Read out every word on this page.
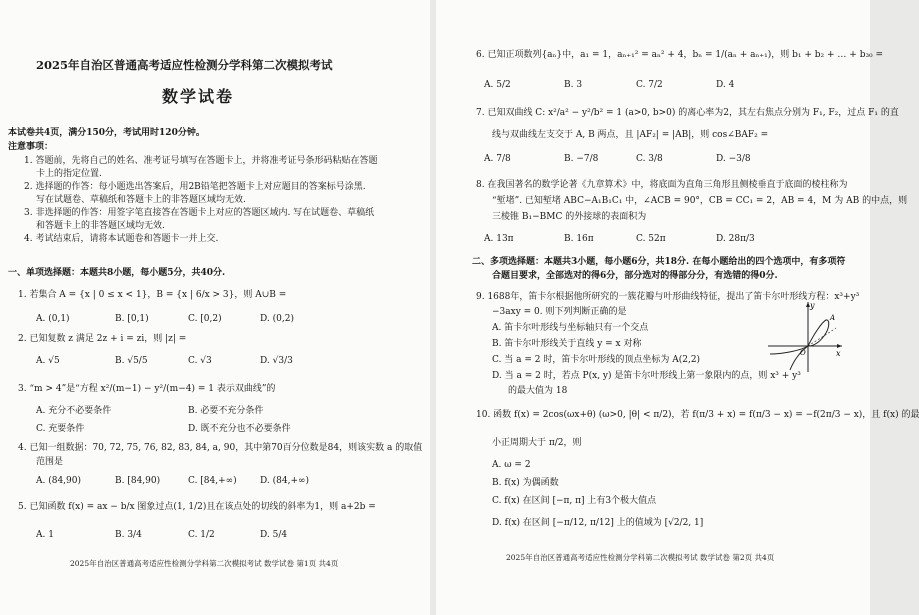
2025年自治区普通高考适应性检测分学科第二次模拟考试
数学试卷
本试卷共4页，满分150分，考试用时120分钟。
注意事项：
1. 答题前，先将自己的姓名、准考证号填写在答题卡上，并将准考证号条形码粘贴在答题
卡上的指定位置.
2. 选择题的作答：每小题选出答案后，用2B铅笔把答题卡上对应题目的答案标号涂黑.
写在试题卷、草稿纸和答题卡上的非答题区域均无效.
3. 非选择题的作答：用签字笔直接答在答题卡上对应的答题区域内. 写在试题卷、草稿纸
和答题卡上的非答题区域均无效.
4. 考试结束后，请将本试题卷和答题卡一并上交.
一、单项选择题：本题共8小题，每小题5分，共40分.
1. 若集合 A = {x | 0 ≤ x < 1}，B = {x | 6/x > 3}，则 A∪B =
A. (0,1)	B. [0,1)	C. [0,2)	D. (0,2)
2. 已知复数 z 满足 2z + i = zi，则 |z| =
A. √5	B. √5/5	C. √3	D. √3/3
3. “m > 4”是“方程 x²/(m−1) − y²/(m−4) = 1 表示双曲线”的
A. 充分不必要条件	B. 必要不充分条件
C. 充要条件	D. 既不充分也不必要条件
4. 已知一组数据：70, 72, 75, 76, 82, 83, 84, a, 90，其中第70百分位数是84，则该实数 a 的取值
范围是
A. (84,90)	B. [84,90)	C. [84,+∞)	D. (84,+∞)
5. 已知函数 f(x) = ax − b/x 图象过点(1, 1/2)且在该点处的切线的斜率为1，则 a+2b =
A. 1	B. 3/4	C. 1/2	D. 5/4
2025年自治区普通高考适应性检测分学科第二次模拟考试 数学试卷 第1页 共4页
6. 已知正项数列{aₙ}中，a₁ = 1，aₙ₊₁² = aₙ² + 4，bₙ = 1/(aₙ + aₙ₊₁)，则 b₁ + b₂ + … + b₃₀ =
A. 5/2	B. 3	C. 7/2	D. 4
7. 已知双曲线 C: x²/a² − y²/b² = 1 (a>0, b>0) 的离心率为2，其左右焦点分别为 F₁, F₂，过点 F₁ 的直
线与双曲线左支交于 A, B 两点，且 |AF₂| = |AB|，则 cos∠BAF₂ =
A. 7/8	B. −7/8	C. 3/8	D. −3/8
8. 在我国著名的数学论著《九章算术》中，将底面为直角三角形且侧棱垂直于底面的棱柱称为
“堑堵”. 已知堑堵 ABC−A₁B₁C₁ 中，∠ACB = 90°，CB = CC₁ = 2，AB = 4，M 为 AB 的中点，则
三棱锥 B₁−BMC 的外接球的表面积为
A. 13π	B. 16π	C. 52π	D. 28π/3
二、多项选择题：本题共3小题，每小题6分，共18分. 在每小题给出的四个选项中，有多项符
合题目要求，全部选对的得6分，部分选对的得部分分，有选错的得0分.
9. 1688年，笛卡尔根据他所研究的一簇花瓣与叶形曲线特征，提出了笛卡尔叶形线方程：x³+y³
−3axy = 0. 则下列判断正确的是
A. 笛卡尔叶形线与坐标轴只有一个交点
B. 笛卡尔叶形线关于直线 y = x 对称
C. 当 a = 2 时，笛卡尔叶形线的顶点坐标为 A(2,2)
D. 当 a = 2 时，若点 P(x, y) 是笛卡尔叶形线上第一象限内的点，则 x³ + y³
的最大值为 18
y
x
O
A
10. 函数 f(x) = 2cos(ωx+θ) (ω>0, |θ| < π/2)，若 f(π/3 + x) = f(π/3 − x) = −f(2π/3 − x)，且 f(x) 的最
小正周期大于 π/2，则
A. ω = 2
B. f(x) 为偶函数
C. f(x) 在区间 [−π, π] 上有3个极大值点
D. f(x) 在区间 [−π/12, π/12] 上的值域为 [√2/2, 1]
2025年自治区普通高考适应性检测分学科第二次模拟考试 数学试卷 第2页 共4页
